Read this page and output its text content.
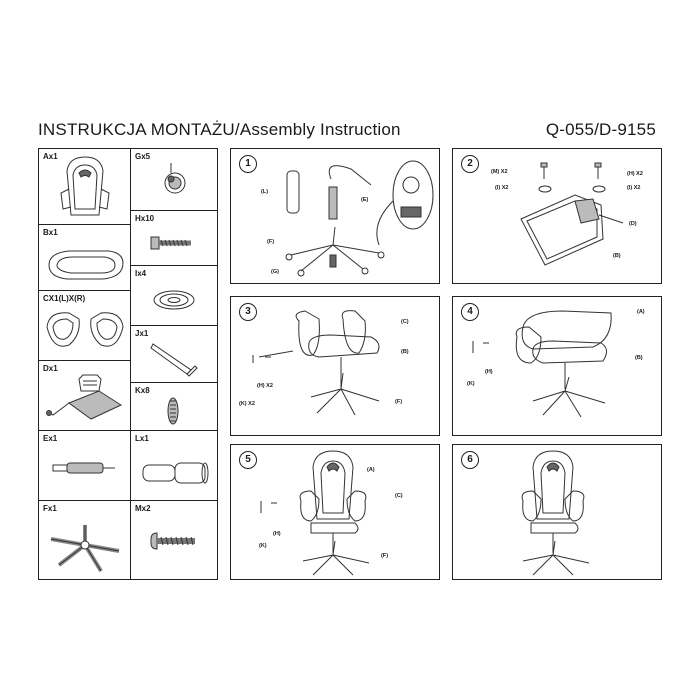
INSTRUKCJA MONTAŻU/Assembly Instruction	Q-055/D-9155
Ax1	Gx5
Hx10
Bx1
Ix4
CX1(L)X(R)
Jx1
Dx1
Kx8
Ex1	Lx1
Fx1	Mx2
1
(L)
(E)
(F)
(G)
2
(M) X2	(H) X2
(I) X2	(I) X2
(D)
(B)
3
(C)
(B)
(H) X2
(K) X2	(F)
4	(A)
(B)
(K)
(H)
5
(A)
(C)
(K)
(H)
(F)
6
